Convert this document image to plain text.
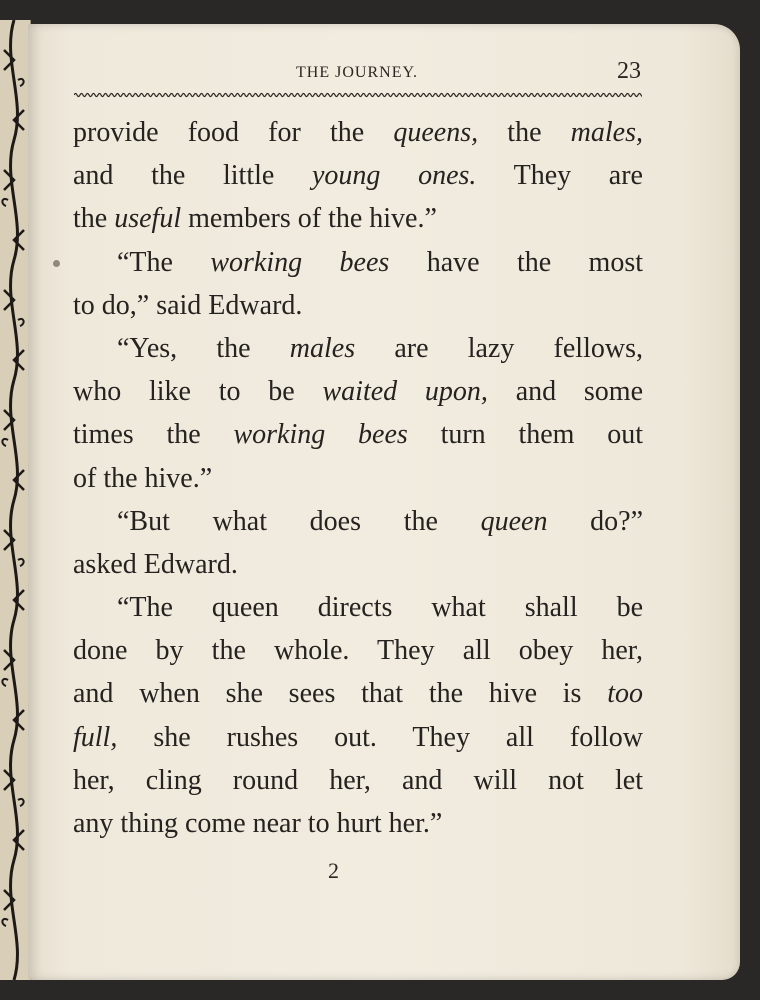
THE JOURNEY.	23
provide food for the queens, the males,
and the little young ones. They are
the useful members of the hive.”
“The working bees have the most
to do,” said Edward.
“Yes, the males are lazy fellows,
who like to be waited upon, and some
times the working bees turn them out
of the hive.”
“But what does the queen do?”
asked Edward.
“The queen directs what shall be
done by the whole. They all obey her,
and when she sees that the hive is too
full, she rushes out. They all follow
her, cling round her, and will not let
any thing come near to hurt her.”
2
